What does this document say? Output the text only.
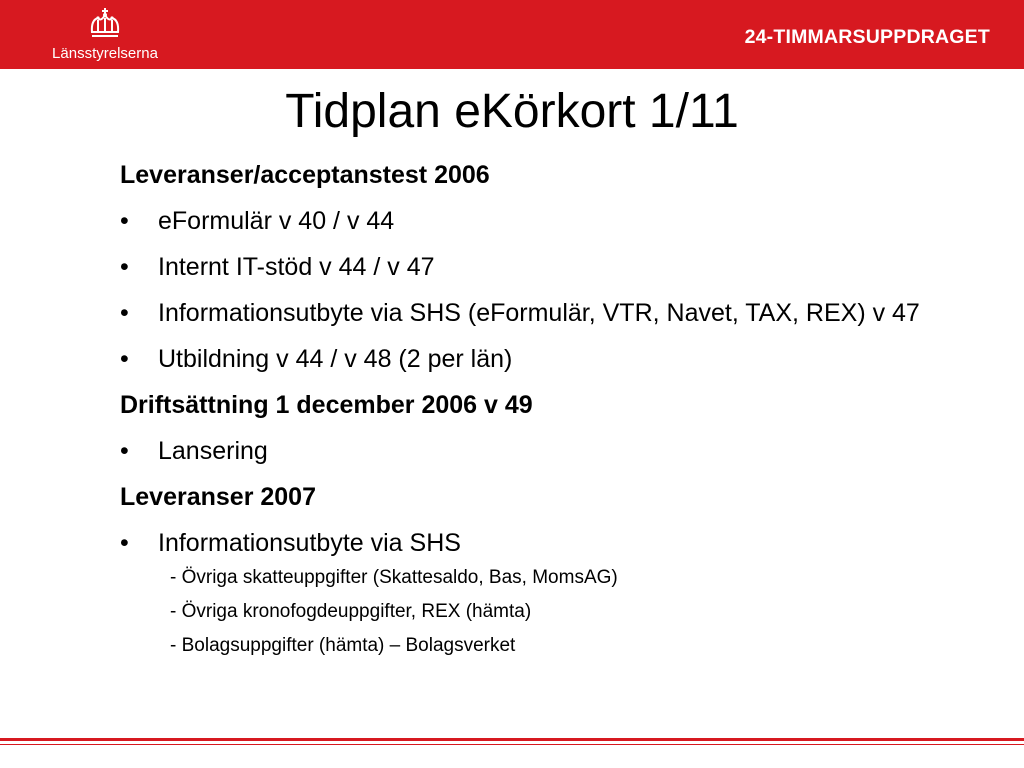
Länsstyrelserna
24-TIMMARSUPPDRAGET
Tidplan eKörkort 1/11

Leveranser/acceptanstest 2006

•	eFormulär v 40 / v 44

•	Internt IT-stöd v 44 / v 47

•	Informationsutbyte via SHS (eFormulär, VTR, Navet, TAX, REX) v 47

•	Utbildning v 44 / v 48 (2 per län)

Driftsättning 1 december 2006 v 49

•	Lansering

Leveranser 2007

•	Informationsutbyte via SHS

- Övriga skatteuppgifter (Skattesaldo, Bas, MomsAG)

- Övriga kronofogdeuppgifter, REX (hämta)

- Bolagsuppgifter (hämta) – Bolagsverket
